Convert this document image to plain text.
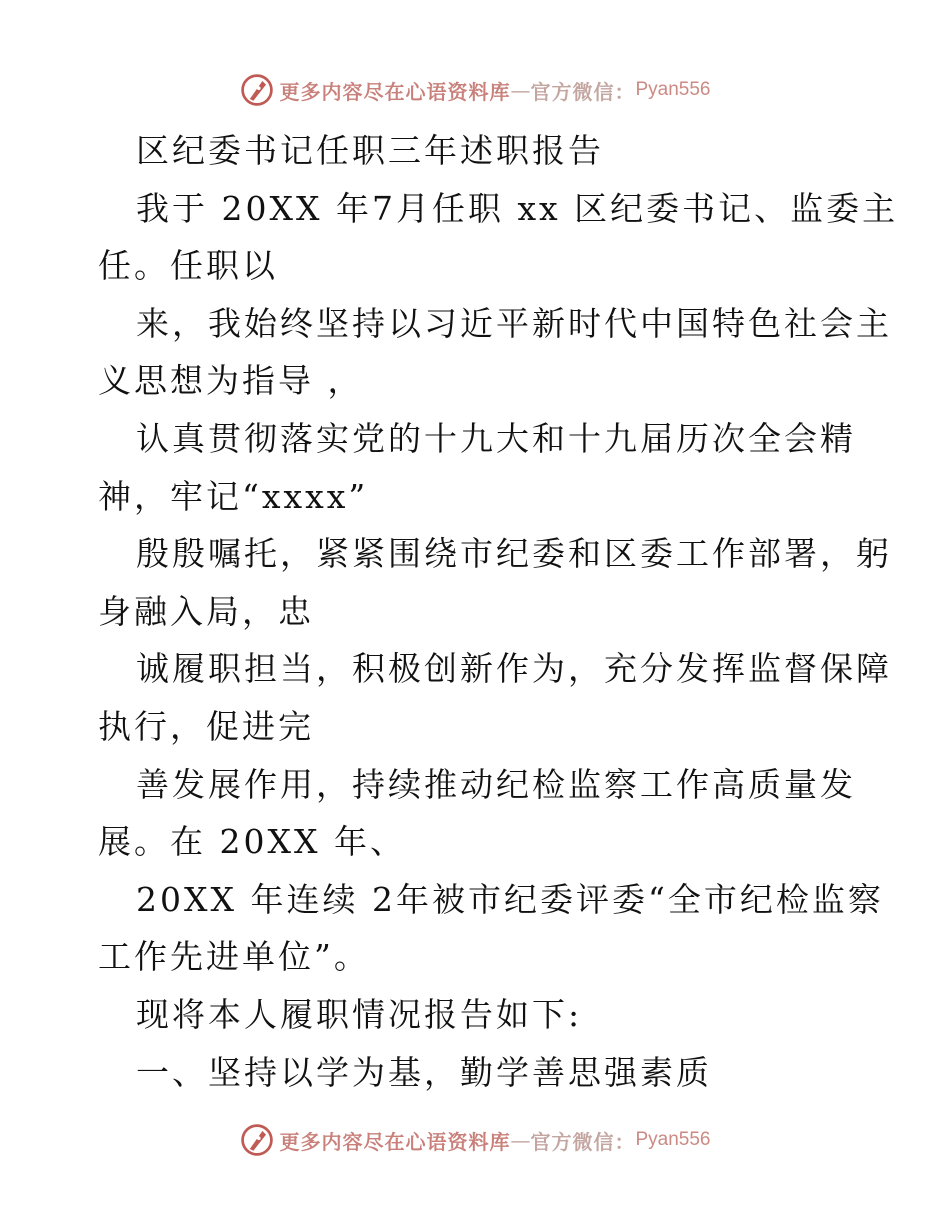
更多内容尽在心语资料库 — 官方微信： Pyan556
区纪委书记任职三年述职报告
我于 20XX 年7月任职 xx 区纪委书记、监委主
任。任职以
来，我始终坚持以习近平新时代中国特色社会主
义思想为指导 ，
认真贯彻落实党的十九大和十九届历次全会精
神，牢记“xxxx”
殷殷嘱托，紧紧围绕市纪委和区委工作部署，躬
身融入局，忠
诚履职担当，积极创新作为，充分发挥监督保障
执行，促进完
善发展作用，持续推动纪检监察工作高质量发
展。在 20XX 年、
20XX 年连续 2年被市纪委评委“全市纪检监察
工作先进单位”。
现将本人履职情况报告如下:
一、坚持以学为基，勤学善思强素质
更多内容尽在心语资料库 — 官方微信： Pyan556
